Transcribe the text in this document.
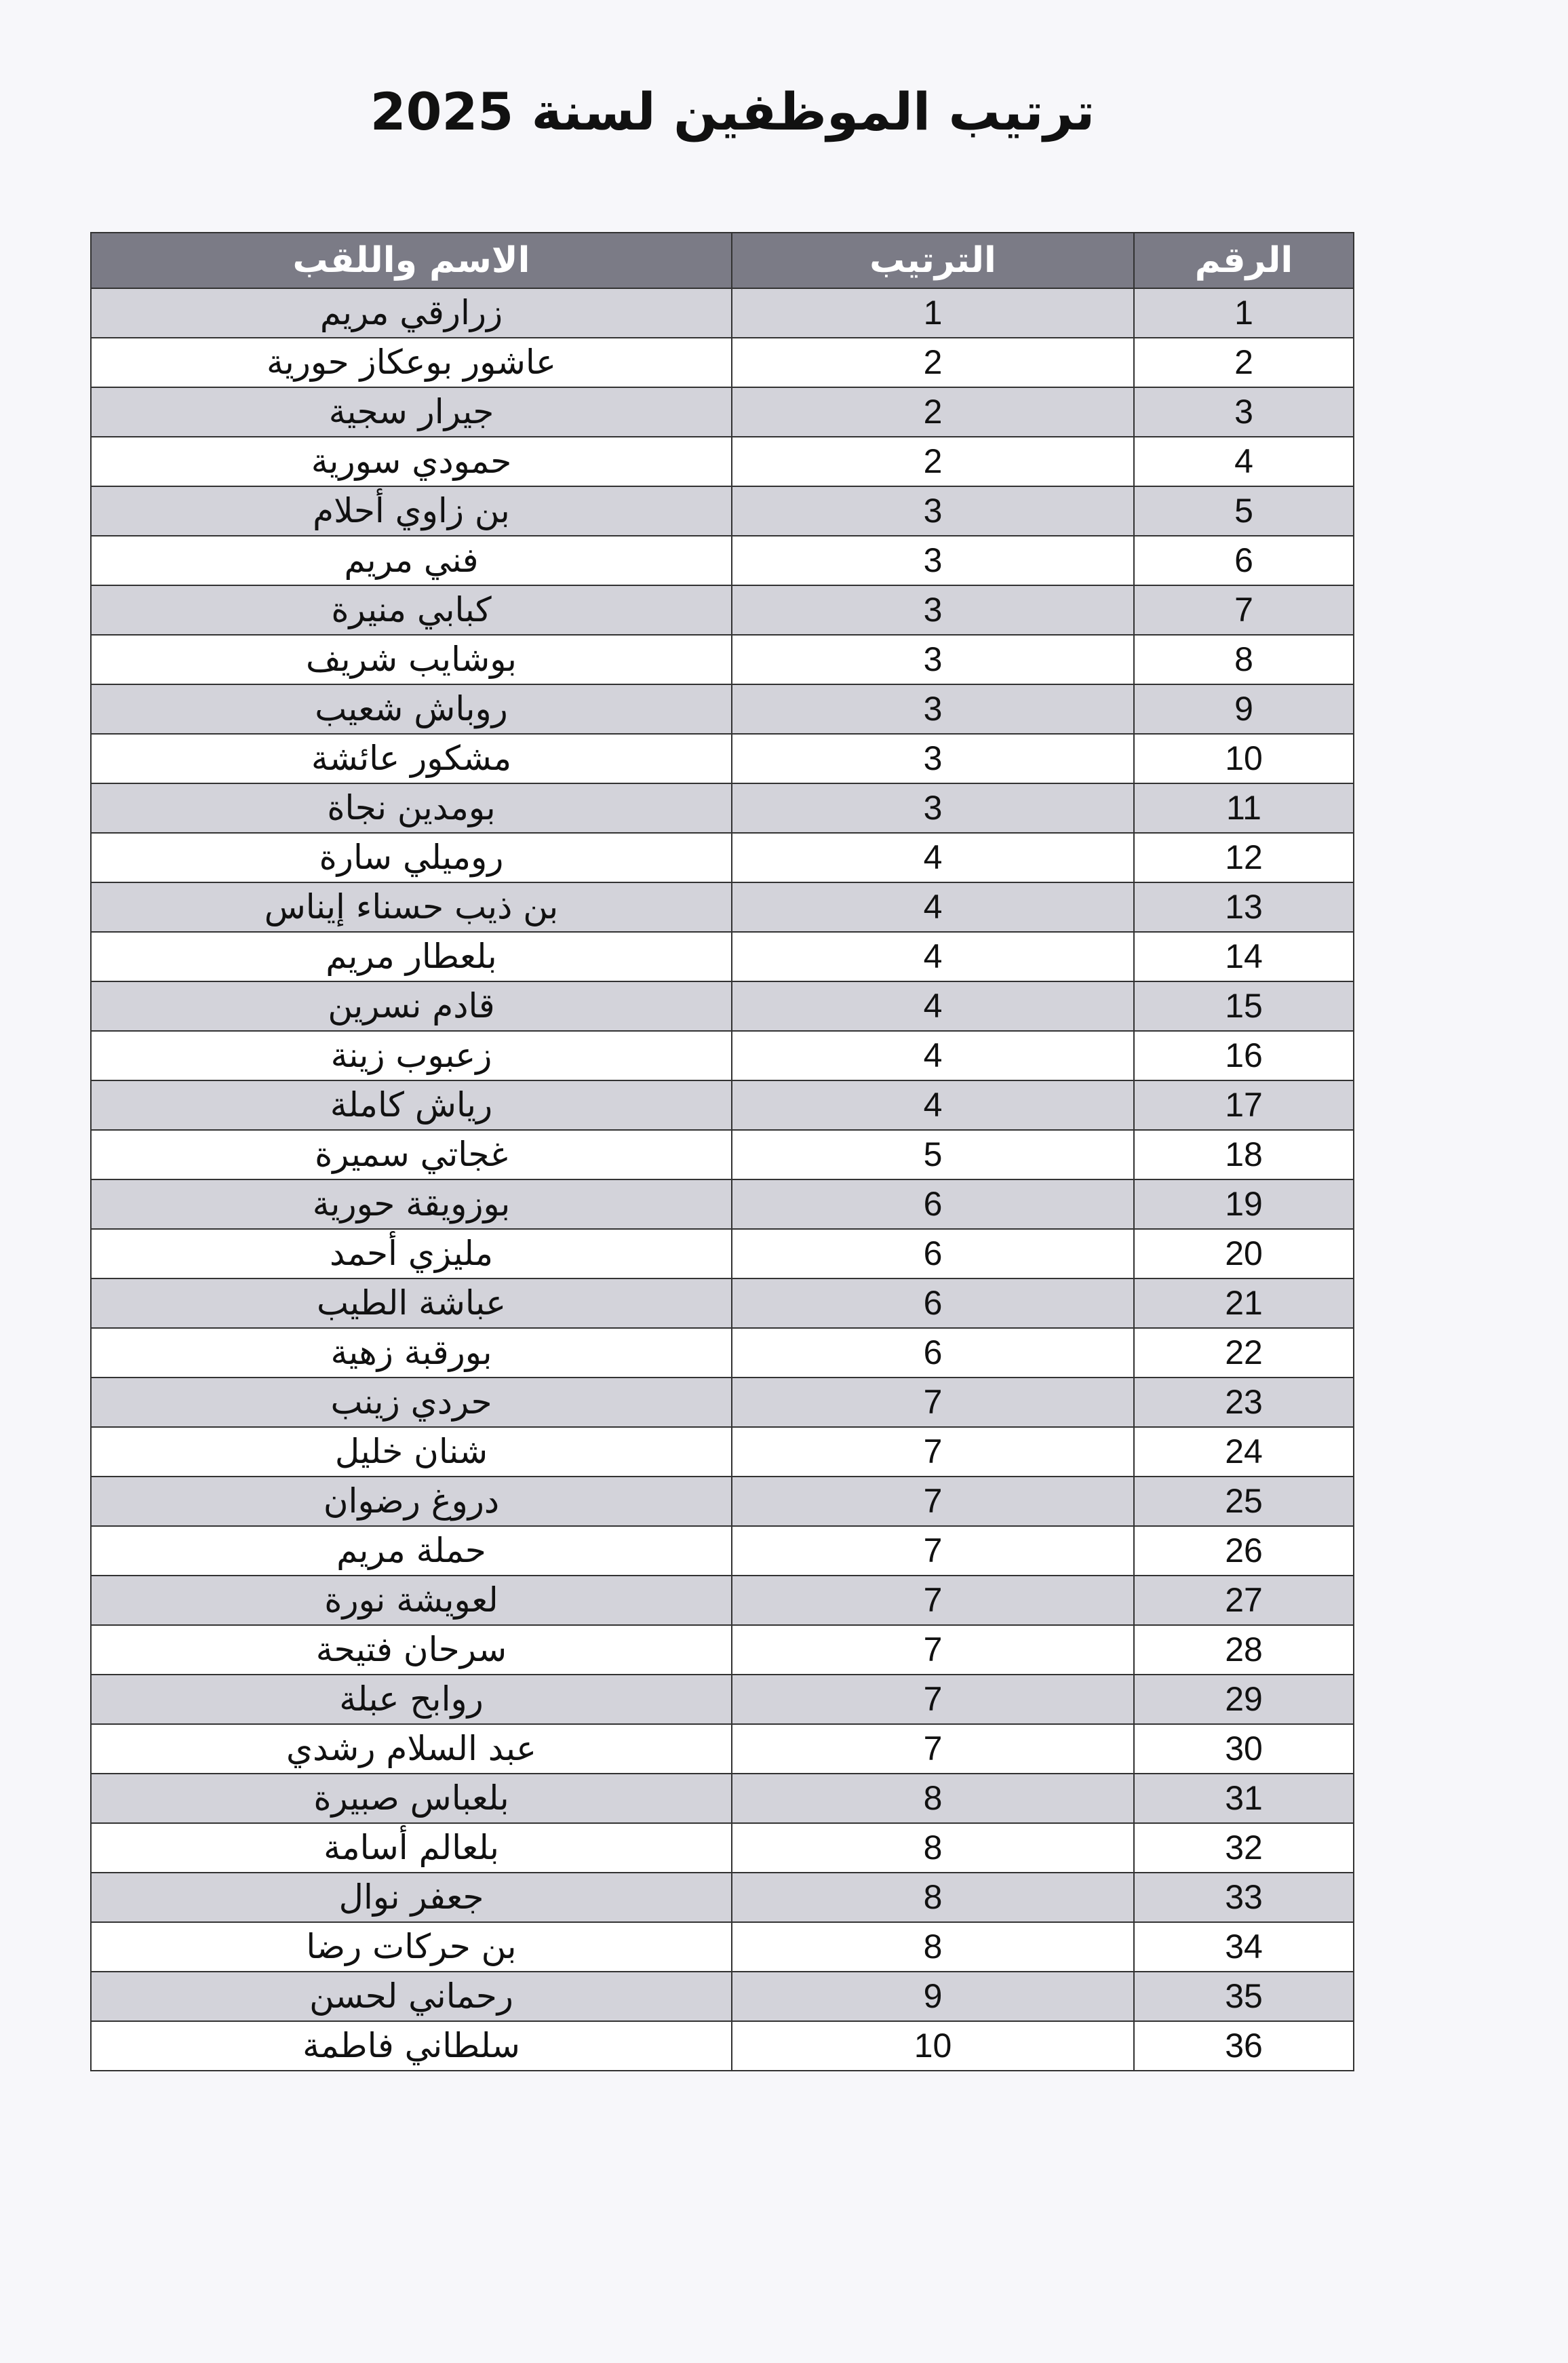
ترتيب الموظفين لسنة 2025
الرقم	الترتيب	الاسم واللقب
1	1	زرارقي مريم
2	2	عاشور بوعكاز حورية
3	2	جيرار سجية
4	2	حمودي سورية
5	3	بن زاوي أحلام
6	3	فني مريم
7	3	كبابي منيرة
8	3	بوشايب شريف
9	3	روباش شعيب
10	3	مشكور عائشة
11	3	بومدين نجاة
12	4	روميلي سارة
13	4	بن ذيب حسناء إيناس
14	4	بلعطار مريم
15	4	قادم نسرين
16	4	زعبوب زينة
17	4	رياش كاملة
18	5	غجاتي سميرة
19	6	بوزويقة حورية
20	6	مليزي أحمد
21	6	عباشة الطيب
22	6	بورقبة زهية
23	7	حردي زينب
24	7	شنان خليل
25	7	دروغ رضوان
26	7	حملة مريم
27	7	لعويشة نورة
28	7	سرحان فتيحة
29	7	روابح عبلة
30	7	عبد السلام رشدي
31	8	بلعباس صبيرة
32	8	بلعالم أسامة
33	8	جعفر نوال
34	8	بن حركات رضا
35	9	رحماني لحسن
36	10	سلطاني فاطمة
